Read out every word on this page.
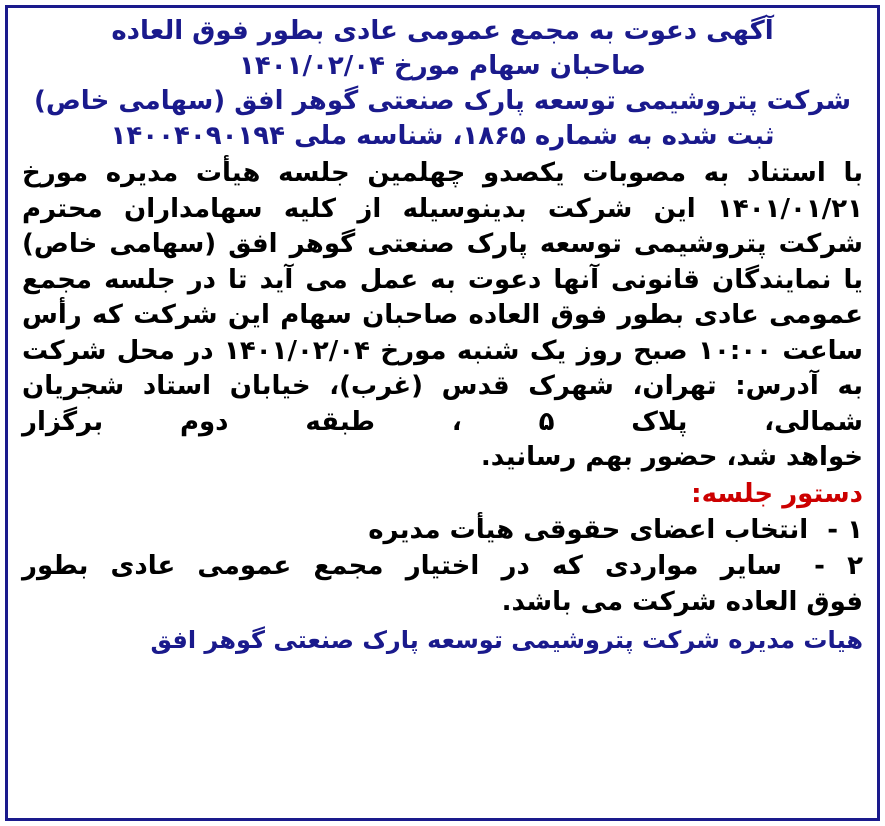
آگهی دعوت به مجمع عمومی عادی بطور فوق العاده
صاحبان سهام مورخ ۱۴۰۱/۰۲/۰۴
شرکت پتروشیمی توسعه پارک صنعتی گوهر افق (سهامی خاص)
ثبت شده به شماره ۱۸۶۵، شناسه ملی ۱۴۰۰۴۰۹۰۱۹۴
با استناد به مصوبات یکصدو چهلمین جلسه هیأت مدیره مورخ ۱۴۰۱/۰۱/۲۱ این شرکت بدینوسیله از کلیه سهامداران محترم شرکت پتروشیمی توسعه پارک صنعتی گوهر افق (سهامی خاص) یا نمایندگان قانونی آنها دعوت به عمل می آید تا در جلسه مجمع عمومی عادی بطور فوق العاده صاحبان سهام این شرکت که رأس ساعت ۱۰:۰۰ صبح روز یک شنبه مورخ ۱۴۰۱/۰۲/۰۴ در محل شرکت به آدرس: تهران، شهرک قدس (غرب)، خیابان استاد شجریان شمالی، پلاک ۵ ، طبقه دوم برگزار
خواهد شد، حضور بهم رسانید.
دستور جلسه:
۱ - انتخاب اعضای حقوقی هیأت مدیره
۲ - سایر مواردی که در اختیار مجمع عمومی عادی بطور
فوق العاده شرکت می باشد.
هیات مدیره شرکت پتروشیمی توسعه پارک صنعتی گوهر افق
